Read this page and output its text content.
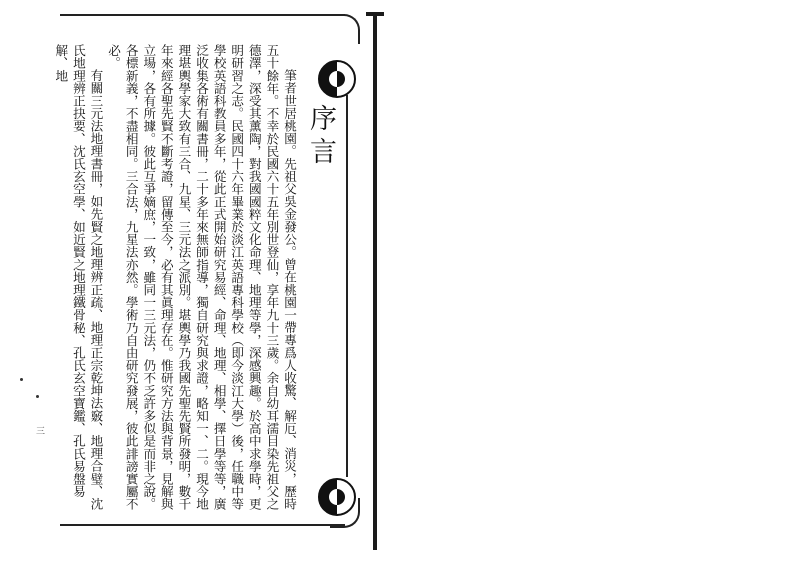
序言

筆者世居桃園。先祖父吳金發公。曾在桃園一帶專爲人收驚、解厄、消災，歷時五十餘年。不幸於民國六十五年別世登仙，享年九十三歲。余自幼耳濡目染先祖父之德澤，深受其薰陶，對我國國粹文化命理、地理等學，深感興趣。於高中求學時，更明研習之志。民國四十六年畢業於淡江英語專科學校（即今淡江大學）後，任職中等學校英語科教員多年，從此正式開始研究易經、命理、地理、相學、擇日學等等，廣泛收集各術有關書冊，二十多年來無師指導，獨自研究與求證，略知一、二。現今地理堪輿學家大致有三合、九星、三元法之派別。堪輿學乃我國先聖先賢所發明，數千年來經各聖先賢不斷考證，留傳至今，必有其眞理存在。惟研究方法與背景，見解與立場，各有所據。彼此互爭嫡庶，一致，雖同一三元法，仍不乏許多似是而非之說。各標新義，不盡相同。三合法，九星法亦然。學術乃自由研究發展，彼此誹謗實屬不必。

有關三元法地理書冊，如先賢之地理辨正疏、地理正宗乾坤法竅、地理合璧、沈氏地理辨正抉要、沈氏玄空學、如近賢之地理鐵骨秘、孔氏玄空寶鑑、孔氏易盤易解、地

三
